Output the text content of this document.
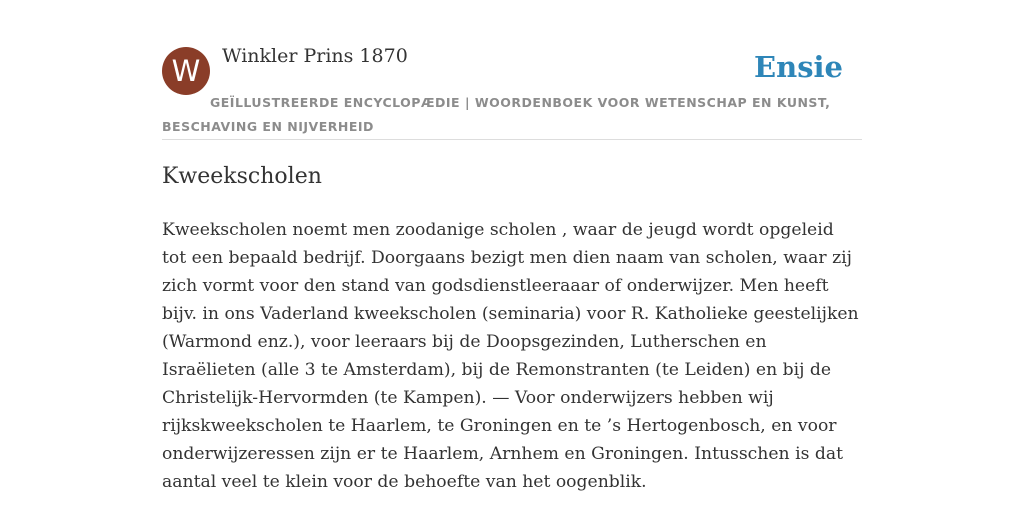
W	Winkler Prins 1870	Ensie
GEÏLLUSTREERDE ENCYCLOPÆDIE | WOORDENBOEK VOOR WETENSCHAP EN KUNST, BESCHAVING EN NIJVERHEID
Kweekscholen

Kweekscholen noemt men zoodanige scholen , waar de jeugd wordt opgeleid tot een bepaald bedrijf. Doorgaans bezigt men dien naam van scholen, waar zij zich vormt voor den stand van godsdienstleeraaar of onderwijzer. Men heeft bijv. in ons Vaderland kweekscholen (seminaria) voor R. Katholieke geestelijken (Warmond enz.), voor leeraars bij de Doopsgezinden, Lutherschen en Israëlieten (alle 3 te Amsterdam), bij de Remonstranten (te Leiden) en bij de Christelijk-Hervormden (te Kampen). — Voor onderwijzers hebben wij rijkskweekscholen te Haarlem, te Groningen en te ’s Hertogenbosch, en voor onderwijzeressen zijn er te Haarlem, Arnhem en Groningen. Intusschen is dat aantal veel te klein voor de behoefte van het oogenblik.
